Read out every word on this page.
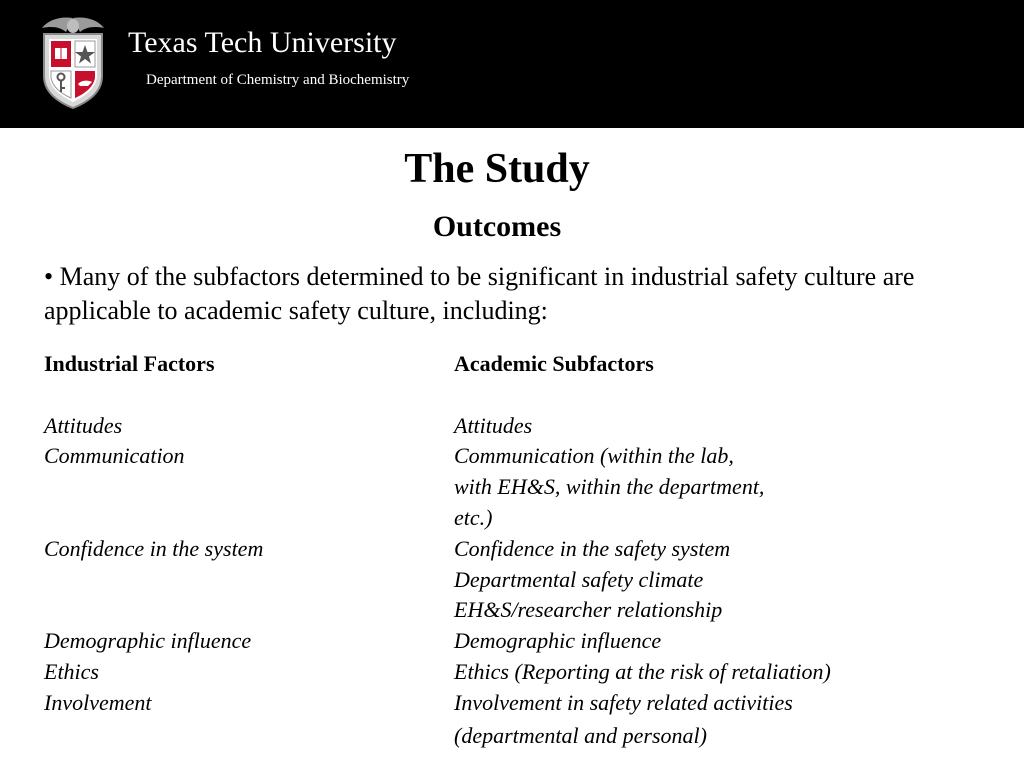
Texas Tech University
Department of Chemistry and Biochemistry
The Study
Outcomes
• Many of the subfactors determined to be significant in industrial safety culture are applicable to academic safety culture, including:
Industrial Factors
Attitudes
Communication
Confidence in the system
Demographic influence
Ethics
Involvement
Academic Subfactors
Attitudes
Communication (within the lab,
with EH&S, within the department,
etc.)
Confidence in the safety system
Departmental safety climate
EH&S/researcher relationship
Demographic influence
Ethics (Reporting at the risk of retaliation)
Involvement in safety related activities
(departmental and personal)
